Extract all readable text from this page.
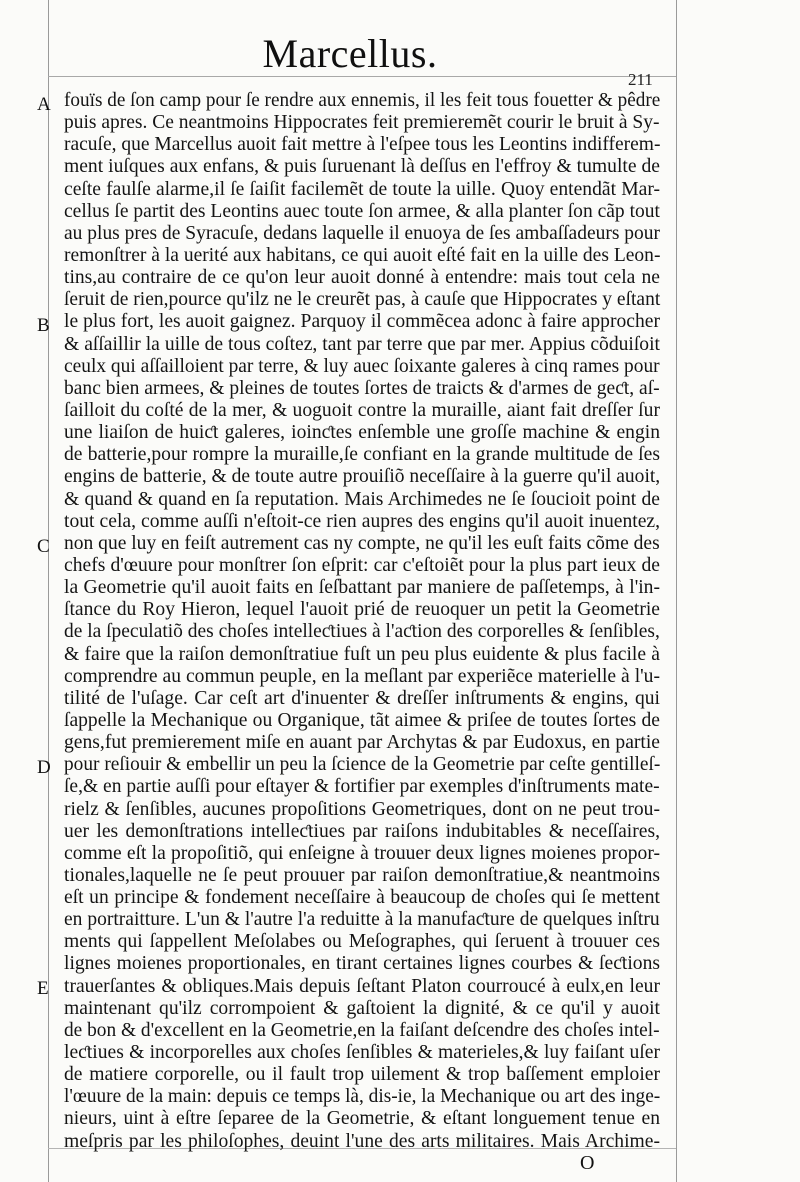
Marcellus.
211
A
B
C
D
E
fouïs de ſon camp pour ſe rendre aux ennemis, il les feit tous fouetter & pêdre
puis apres. Ce neantmoins Hippocrates feit premieremẽt courir le bruit à Sy-
racuſe, que Marcellus auoit fait mettre à l'eſpee tous les Leontins indifferem-
ment iuſques aux enfans, & puis ſuruenant là deſſus en l'effroy & tumulte de
ceſte faulſe alarme,il ſe ſaiſit facilemẽt de toute la uille. Quoy entendãt Mar-
cellus ſe partit des Leontins auec toute ſon armee, & alla planter ſon cãp tout
au plus pres de Syracuſe, dedans laquelle il enuoya de ſes ambaſſadeurs pour
remonſtrer à la uerité aux habitans, ce qui auoit eſté fait en la uille des Leon-
tins,au contraire de ce qu'on leur auoit donné à entendre: mais tout cela ne
ſeruit de rien,pource qu'ilz ne le creurẽt pas, à cauſe que Hippocrates y eſtant
le plus fort, les auoit gaignez. Parquoy il commẽcea adonc à faire approcher
& aſſaillir la uille de tous coſtez, tant par terre que par mer. Appius cõduiſoit
ceulx qui aſſailloient par terre, & luy auec ſoixante galeres à cinq rames pour
banc bien armees, & pleines de toutes ſortes de traicts & d'armes de geƈt, aſ-
ſailloit du coſté de la mer, & uoguoit contre la muraille, aiant fait dreſſer ſur
une liaiſon de huiƈt galeres, ioinƈtes enſemble une groſſe machine & engin
de batterie,pour rompre la muraille,ſe confiant en la grande multitude de ſes
engins de batterie, & de toute autre prouiſiõ neceſſaire à la guerre qu'il auoit,
& quand & quand en ſa reputation. Mais Archimedes ne ſe ſoucioit point de
tout cela, comme auſſi n'eſtoit-ce rien aupres des engins qu'il auoit inuentez,
non que luy en feiſt autrement cas ny compte, ne qu'il les euſt faits cõme des
chefs d'œuure pour monſtrer ſon eſprit: car c'eſtoiẽt pour la plus part ieux de
la Geometrie qu'il auoit faits en ſeſbattant par maniere de paſſetemps, à l'in-
ſtance du Roy Hieron, lequel l'auoit prié de reuoquer un petit la Geometrie
de la ſpeculatiõ des choſes intelleƈtiues à l'aƈtion des corporelles & ſenſibles,
& faire que la raiſon demonſtratiue fuſt un peu plus euidente & plus facile à
comprendre au commun peuple, en la meſlant par experiẽce materielle à l'u-
tilité de l'uſage. Car ceſt art d'inuenter & dreſſer inſtruments & engins, qui
ſappelle la Mechanique ou Organique, tãt aimee & priſee de toutes ſortes de
gens,fut premierement miſe en auant par Archytas & par Eudoxus, en partie
pour reſiouir & embellir un peu la ſcience de la Geometrie par ceſte gentilleſ-
ſe,& en partie auſſi pour eſtayer & fortifier par exemples d'inſtruments mate-
rielz & ſenſibles, aucunes propoſitions Geometriques, dont on ne peut trou-
uer les demonſtrations intelleƈtiues par raiſons indubitables & neceſſaires,
comme eſt la propoſitiõ, qui enſeigne à trouuer deux lignes moienes propor-
tionales,laquelle ne ſe peut prouuer par raiſon demonſtratiue,& neantmoins
eſt un principe & fondement neceſſaire à beaucoup de choſes qui ſe mettent
en portraitture. L'un & l'autre l'a reduitte à la manufaƈture de quelques inſtru
ments qui ſappellent Meſolabes ou Meſographes, qui ſeruent à trouuer ces
lignes moienes proportionales, en tirant certaines lignes courbes & ſeƈtions
trauerſantes & obliques.Mais depuis ſeſtant Platon courroucé à eulx,en leur
maintenant qu'ilz corrompoient & gaſtoient la dignité, & ce qu'il y auoit
de bon & d'excellent en la Geometrie,en la faiſant deſcendre des choſes intel-
leƈtiues & incorporelles aux choſes ſenſibles & materieles,& luy faiſant uſer
de matiere corporelle, ou il fault trop uilement & trop baſſement emploier
l'œuure de la main: depuis ce temps là, dis-ie, la Mechanique ou art des inge-
nieurs, uint à eſtre ſeparee de la Geometrie, & eſtant longuement tenue en
meſpris par les philoſophes, deuint l'une des arts militaires. Mais Archime-
O
